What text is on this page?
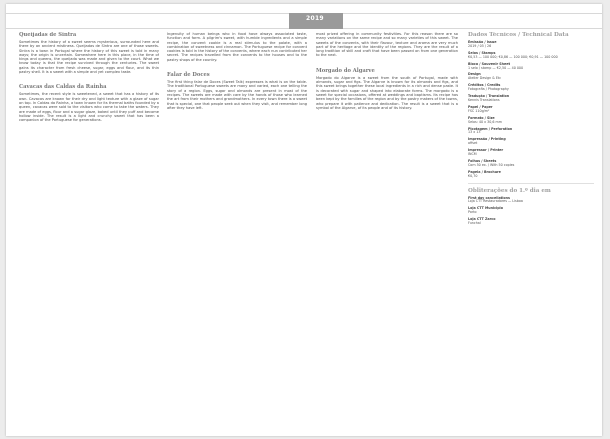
2019
Queijadas de Sintra

Sometimes the history of a sweet seems mysterious, surrounded here and there by an ancient mistiness. Queijadas de Sintra are one of those sweets. Sintra is a town in Portugal where the history of this sweet is told in many ways; the origin is uncertain. Somewhere here in this place, in the time of kings and queens, the queijada was made and given to the court. What we know today is that the recipe survived through the centuries. The sweet gains its character from fresh cheese, sugar, eggs and flour, and its thin pastry shell. It is a sweet with a simple and yet complex taste.

Cavacas das Caldas da Rainha

Sometimes, the recent style is sweetened, a sweet that has a history of its own. Cavacas are known for their dry and light texture with a glaze of sugar on top. In Caldas da Rainha, a town known for its thermal baths founded by a queen, cavacas were sold to the visitors who came to take the waters. They are made of eggs, flour and a sugar glaze, baked until they puff and become hollow inside. The result is a light and crunchy sweet that has been a companion of the Portuguese for generations.

Ingenuity of human beings who in food have always associated taste, function and form. A pilgrim's sweet, with humble ingredients and a simple recipe, the convent cookie is a real stimulus to the palate, with a combination of sweetness and cinnamon. The Portuguese recipe for convent cookies is told in the history of the convents, where each nun contributed her secret. The recipes travelled from the convents to the houses and to the pastry shops of the country.

Falar de Doces

The first thing falar de Doces (Sweet Talk) expresses is what is on the table. The traditional Portuguese sweets are many and varied, each one telling the story of a region. Eggs, sugar and almonds are present in most of the recipes. The sweets are made with care by the hands of those who learned the art from their mothers and grandmothers. In every town there is a sweet that is special, one that people seek out when they visit, and remember long after they have left.

most prized offering in community festivities. For this reason there are so many variations on the same recipe and so many varieties of this sweet. The sweets of the convents, with their flavour, texture and aroma are very much part of the heritage and the identity of the regions. They are the result of a long tradition of skill and craft that have been passed on from one generation to the next.

Morgado do Algarve

Morgado do Algarve is a sweet from the south of Portugal, made with almonds, sugar and figs. The Algarve is known for its almonds and figs, and this sweet brings together these local ingredients in a rich and dense paste. It is decorated with sugar and shaped into elaborate forms. The morgado is a sweet for special occasions, offered at weddings and baptisms. Its recipe has been kept by the families of the region and by the pastry makers of the towns, who prepare it with patience and dedication. The result is a sweet that is a symbol of the Algarve, of its people and of its history.

Dados Técnicos / Technical Data
Emissão / Issue
2019 / 05 / 26
Selos / Stamps
€0,53 — 100 000; €0,86 — 100 000; €0,91 — 100 000
Bloco / Souvenir Sheet
1 selo / stamp — €2,50 — 40 000
Design
Atelier Design & Etc
Créditos / Credits
Fotografia / Photography
Tradução / Translation
Kennis Translations
Papel / Paper
FSC 110g/m²
Formato / Size
Selos: 40 x 30,6 mm
Picotagem / Perforation
13 x 13
Impressão / Printing
offset
Impressor / Printer
INCM
Folhas / Sheets
Com 50 ex. / With 50 copies
Pagela / Brochure
€0,70
Obliterações do 1.º dia em
First day cancellations
Loja CTT Restauradores — Lisboa
Loja CTT Municipio
Porto
Loja CTT Zarco
Funchal
